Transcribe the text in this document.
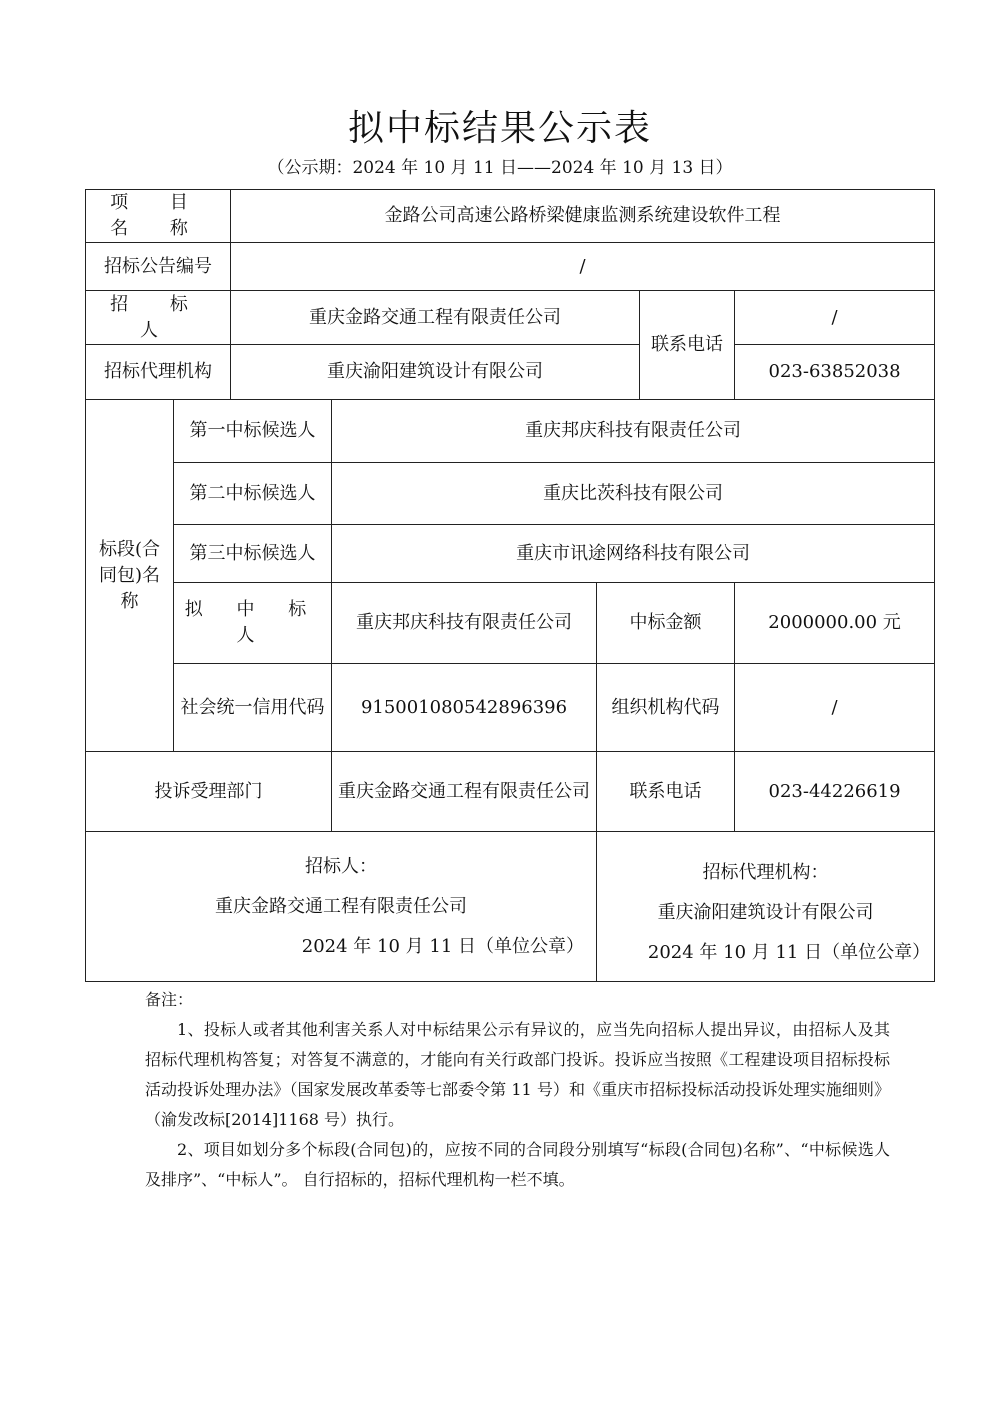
拟中标结果公示表
（公示期：2024 年 10 月 11 日——2024 年 10 月 13 日）
项 目 名 称		金路公司高速公路桥梁健康监测系统建设软件工程				
招标公告编号		/				
招 标 人		重庆金路交通工程有限责任公司			联系电话	/
招标代理机构		重庆渝阳建筑设计有限公司				023-63852038
标段(合同包)名称	第一中标候选人		重庆邦庆科技有限责任公司			
	第二中标候选人		重庆比茨科技有限公司			
	第三中标候选人		重庆市讯途网络科技有限公司			
	拟 中 标 人		重庆邦庆科技有限责任公司	中标金额		2000000.00 元
	社会统一信用代码		915001080542896396	组织机构代码		/
投诉受理部门			重庆金路交通工程有限责任公司	联系电话		023-44226619

招标人：
重庆金路交通工程有限责任公司
2024 年 10 月 11 日（单位公章）				招标代理机构：
重庆渝阳建筑设计有限公司
2024 年 10 月 11 日（单位公章）		

备注：

1、投标人或者其他利害关系人对中标结果公示有异议的，应当先向招标人提出异议，由招标人及其招标代理机构答复；对答复不满意的，才能向有关行政部门投诉。投诉应当按照《工程建设项目招标投标活动投诉处理办法》（国家发展改革委等七部委令第 11 号）和《重庆市招标投标活动投诉处理实施细则》（渝发改标[2014]1168 号）执行。

2、项目如划分多个标段(合同包)的，应按不同的合同段分别填写“标段(合同包)名称”、“中标候选人及排序”、“中标人”。 自行招标的，招标代理机构一栏不填。
